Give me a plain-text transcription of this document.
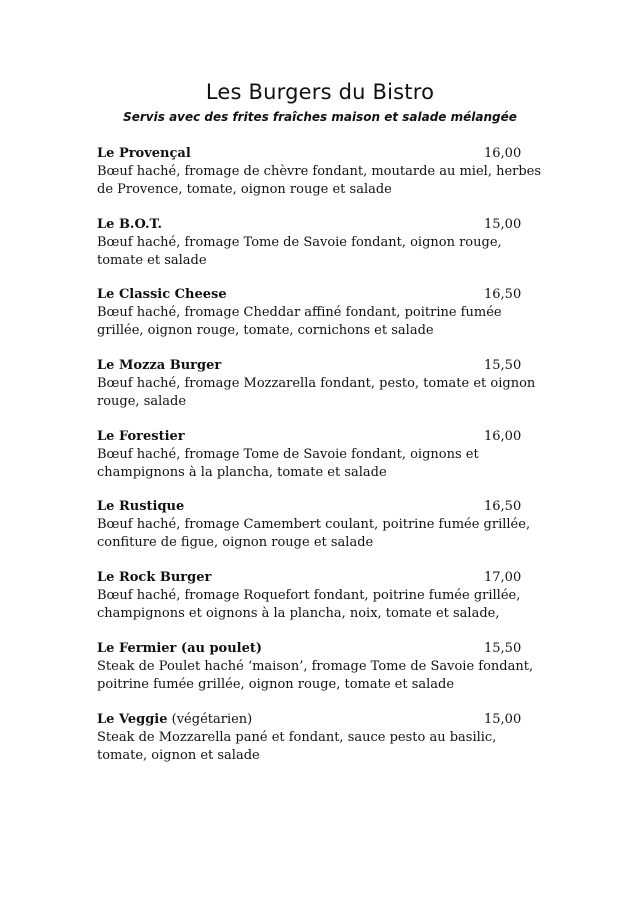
Les Burgers du Bistro
Servis avec des frites fraîches maison et salade mélangée
Le Provençal	16,00
Bœuf haché, fromage de chèvre fondant, moutarde au miel, herbes de Provence, tomate, oignon rouge et salade
Le B.O.T.	15,00
Bœuf haché, fromage Tome de Savoie fondant, oignon rouge, tomate et salade
Le Classic Cheese	16,50
Bœuf haché, fromage Cheddar affiné fondant, poitrine fumée grillée, oignon rouge, tomate, cornichons et salade
Le Mozza Burger	15,50
Bœuf haché, fromage Mozzarella fondant, pesto, tomate et oignon rouge, salade
Le Forestier	16,00
Bœuf haché, fromage Tome de Savoie fondant, oignons et champignons à la plancha, tomate et salade
Le Rustique	16,50
Bœuf haché, fromage Camembert coulant, poitrine fumée grillée, confiture de figue, oignon rouge et salade
Le Rock Burger	17,00
Bœuf haché, fromage Roquefort fondant, poitrine fumée grillée, champignons et oignons à la plancha, noix, tomate et salade,
Le Fermier (au poulet)	15,50
Steak de Poulet haché ‘maison’, fromage Tome de Savoie fondant, poitrine fumée grillée, oignon rouge, tomate et salade
Le Veggie (végétarien)	15,00
Steak de Mozzarella pané et fondant, sauce pesto au basilic, tomate, oignon et salade
